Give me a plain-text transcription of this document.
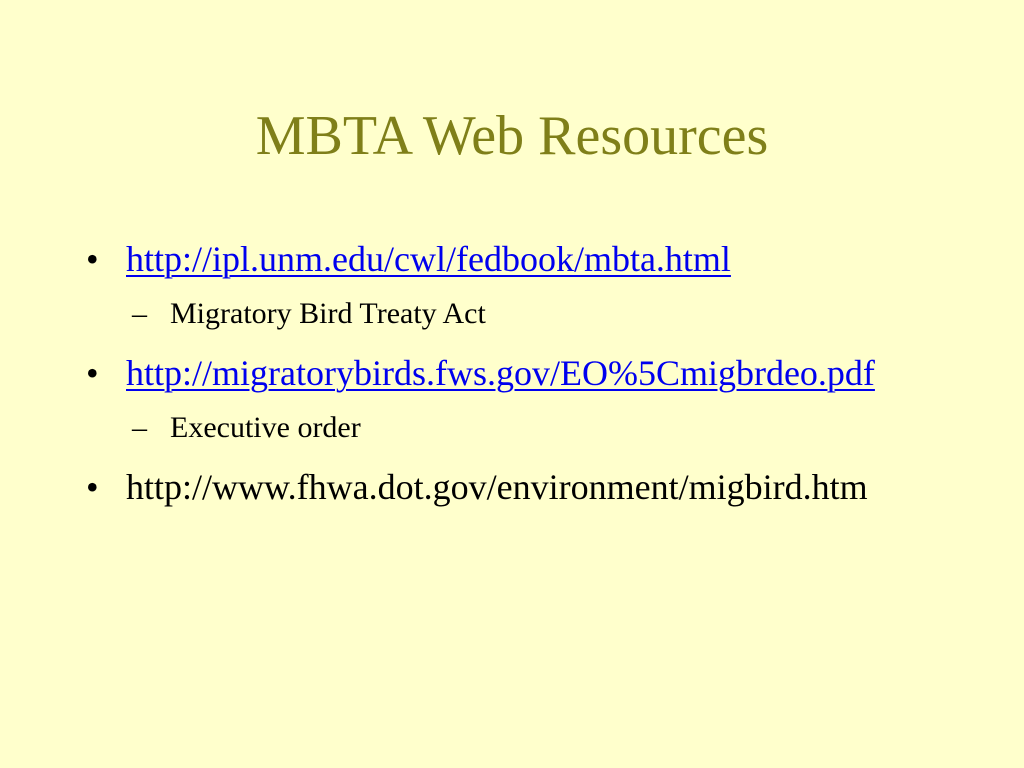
MBTA Web Resources
• http://ipl.unm.edu/cwl/fedbook/mbta.html
– Migratory Bird Treaty Act
• http://migratorybirds.fws.gov/EO%5Cmigbrdeo.pdf
– Executive order
• http://www.fhwa.dot.gov/environment/migbird.htm
